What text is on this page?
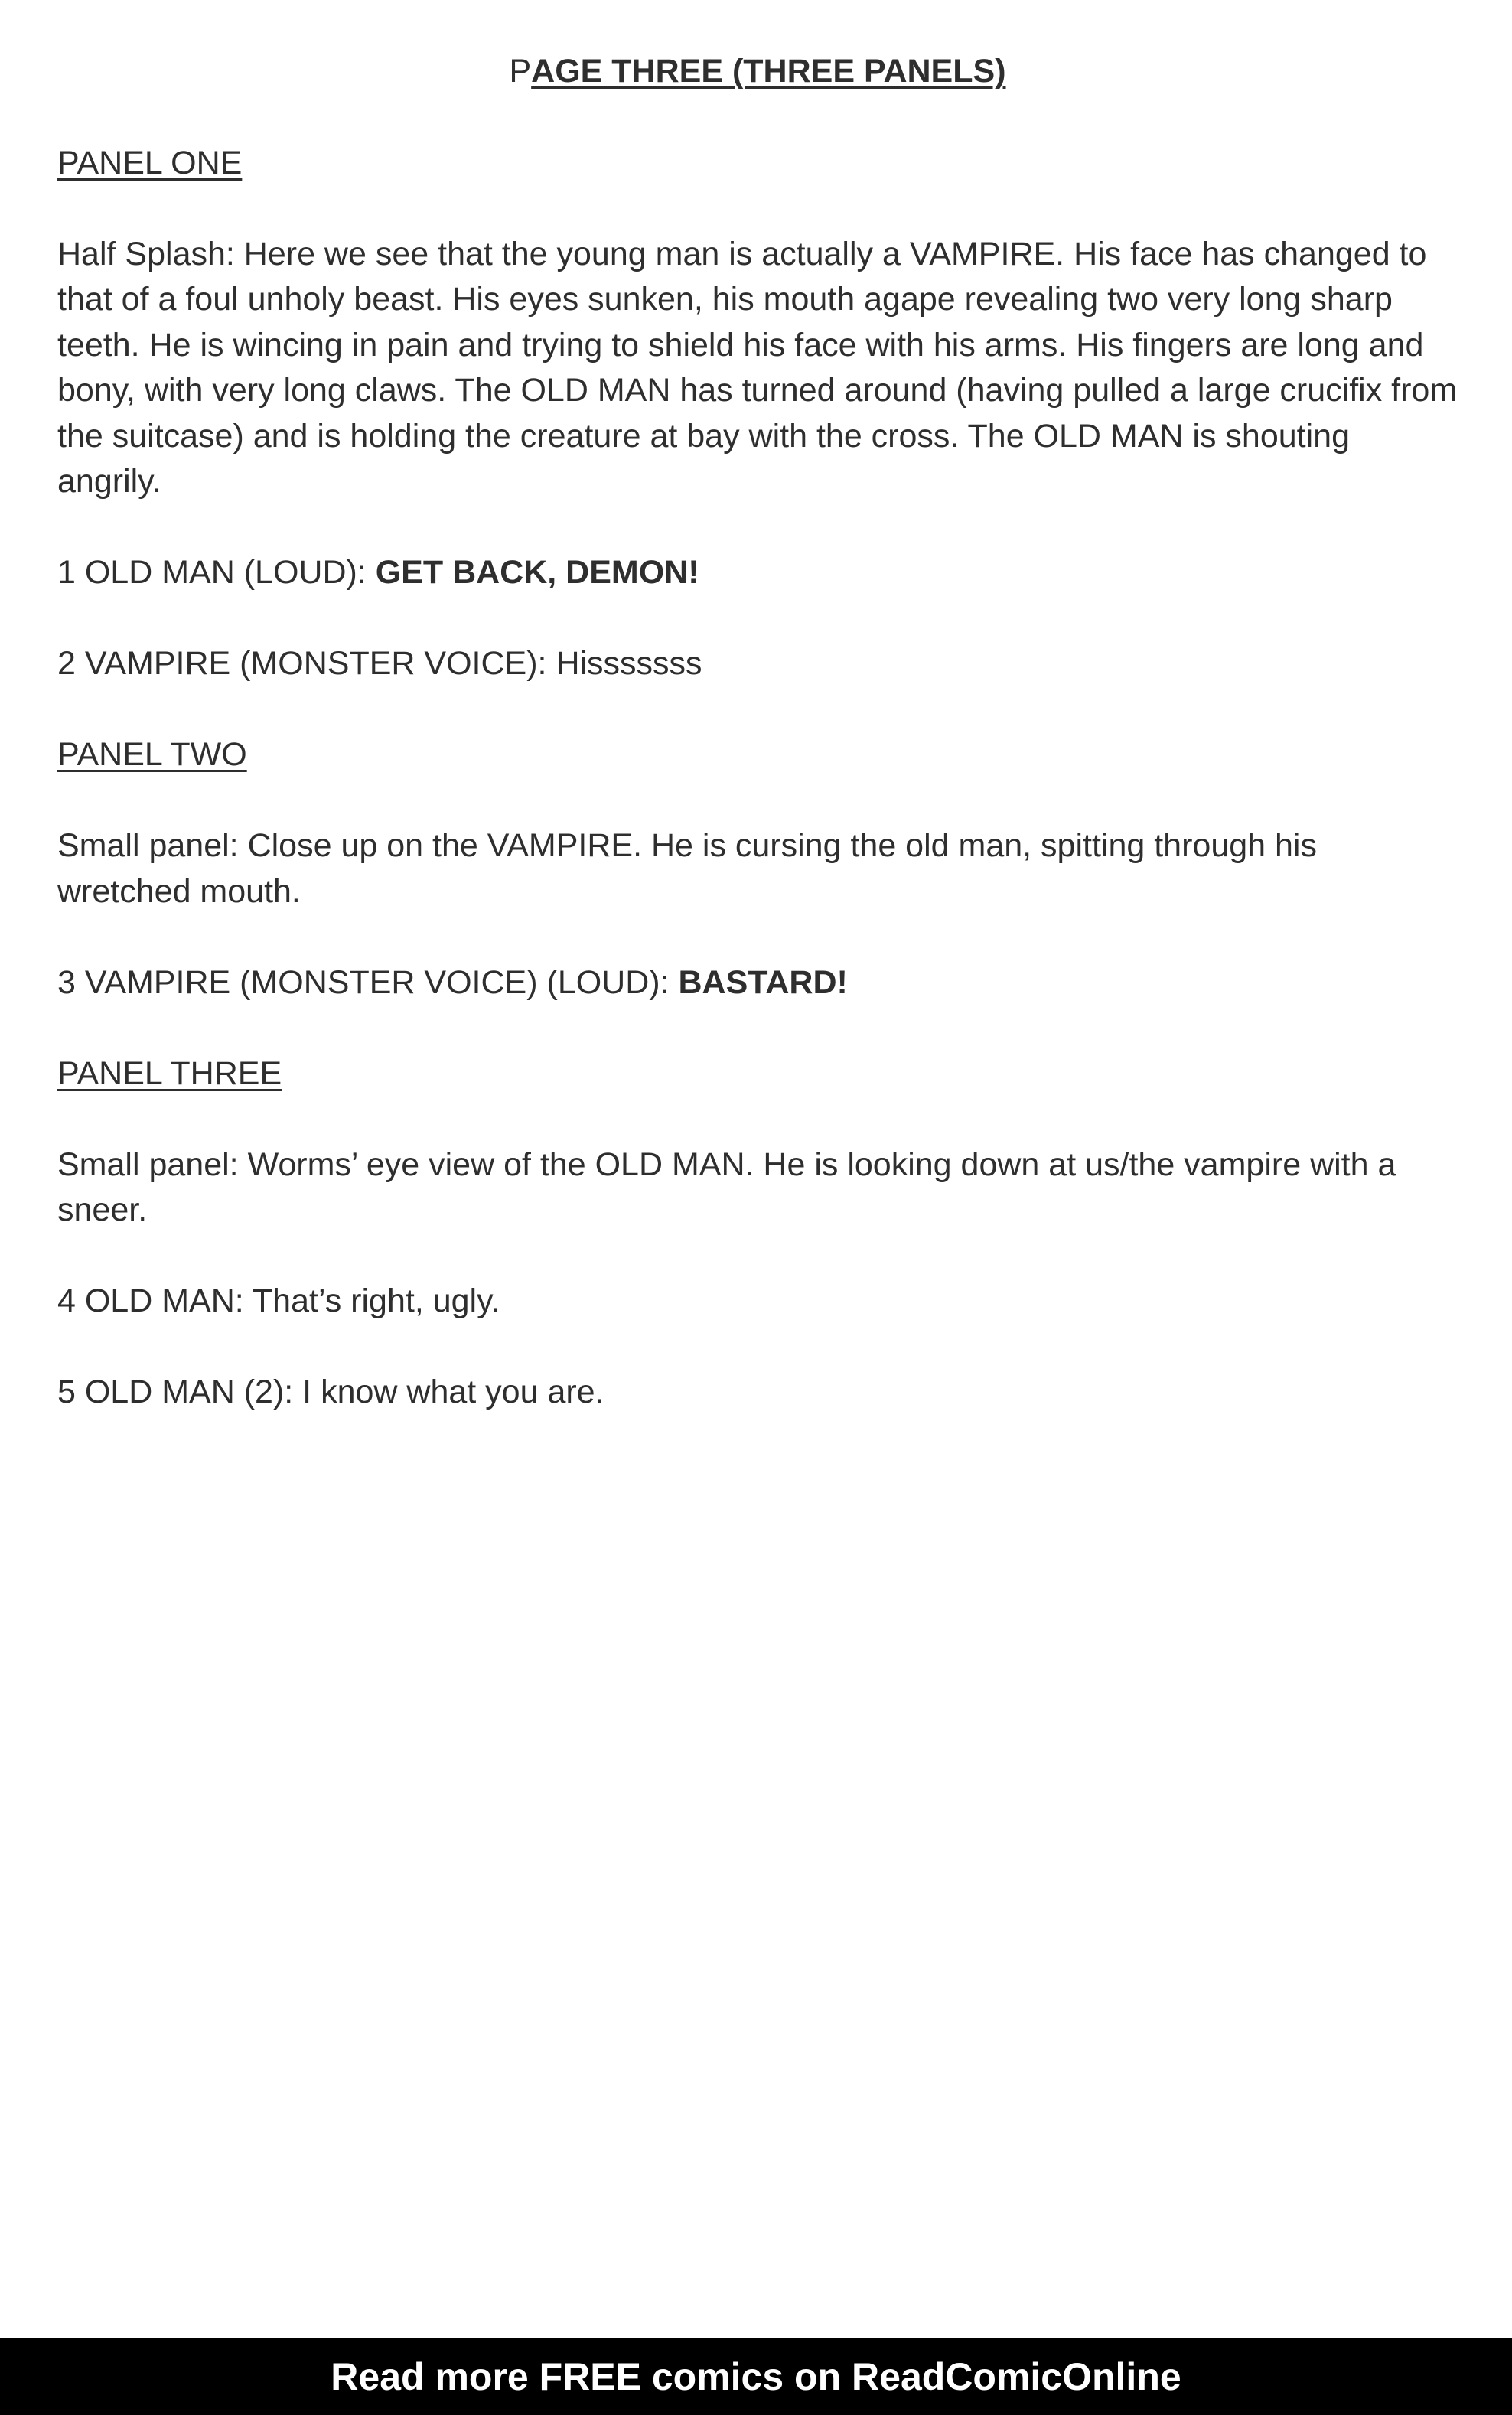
PAGE THREE (THREE PANELS)
PANEL ONE
Half Splash: Here we see that the young man is actually a VAMPIRE. His face has changed to that of a foul unholy beast. His eyes sunken, his mouth agape revealing two very long sharp teeth. He is wincing in pain and trying to shield his face with his arms. His fingers are long and bony, with very long claws. The OLD MAN has turned around (having pulled a large crucifix from the suitcase) and is holding the creature at bay with the cross. The OLD MAN is shouting angrily.
1 OLD MAN (LOUD): GET BACK, DEMON!
2 VAMPIRE (MONSTER VOICE): Hisssssss
PANEL TWO
Small panel: Close up on the VAMPIRE. He is cursing the old man, spitting through his wretched mouth.
3 VAMPIRE (MONSTER VOICE) (LOUD): BASTARD!
PANEL THREE
Small panel: Worms’ eye view of the OLD MAN. He is looking down at us/the vampire with a sneer.
4 OLD MAN: That’s right, ugly.
5 OLD MAN (2): I know what you are.
Read more FREE comics on ReadComicOnline
